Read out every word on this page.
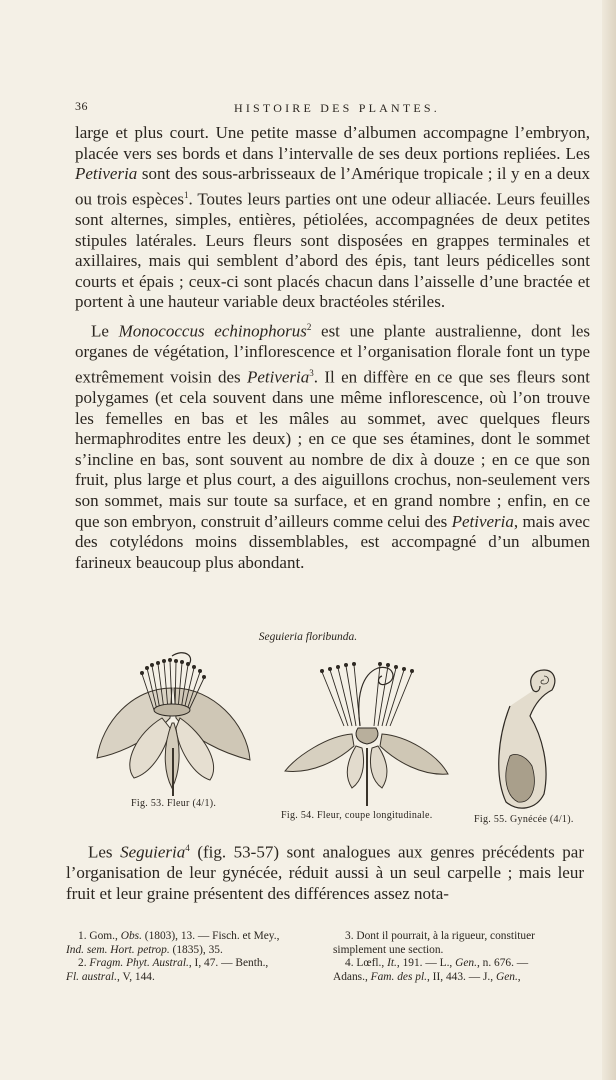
36	HISTOIRE DES PLANTES.

large et plus court. Une petite masse d’albumen accompagne l’embryon, placée vers ses bords et dans l’intervalle de ses deux portions repliées. Les Petiveria sont des sous-arbrisseaux de l’Amérique tropicale ; il y en a deux ou trois espèces$^1$. Toutes leurs parties ont une odeur alliacée. Leurs feuilles sont alternes, simples, entières, pétiolées, accompagnées de deux petites stipules latérales. Leurs fleurs sont disposées en grappes terminales et axillaires, mais qui semblent d’abord des épis, tant leurs pédicelles sont courts et épais ; ceux-ci sont placés chacun dans l’aisselle d’une bractée et portent à une hauteur variable deux bractéoles stériles.

Le Monococcus echinophorus$^2$ est une plante australienne, dont les organes de végétation, l’inflorescence et l’organisation florale font un type extrêmement voisin des Petiveria$^3$. Il en diffère en ce que ses fleurs sont polygames (et cela souvent dans une même inflorescence, où l’on trouve les femelles en bas et les mâles au sommet, avec quelques fleurs hermaphrodites entre les deux) ; en ce que ses étamines, dont le sommet s’incline en bas, sont souvent au nombre de dix à douze ; en ce que son fruit, plus large et plus court, a des aiguillons crochus, non-seulement vers son sommet, mais sur toute sa surface, et en grand nombre ; enfin, en ce que son embryon, construit d’ailleurs comme celui des Petiveria, mais avec des cotylédons moins dissemblables, est accompagné d’un albumen farineux beaucoup plus abondant.

Seguieria floribunda.
Fig. 53. Fleur (4/1).
Fig. 54. Fleur, coupe longitudinale.	Fig. 55. Gynécée (4/1).

Les Seguieria$^4$ (fig. 53-57) sont analogues aux genres précédents par l’organisation de leur gynécée, réduit aussi à un seul carpelle ; mais leur fruit et leur graine présentent des différences assez nota-

1. Gom., Obs. (1803), 13. — Fisch. et Mey.,

Ind. sem. Hort. petrop. (1835), 35.

2. Fragm. Phyt. Austral., I, 47. — Benth.,

Fl. austral., V, 144.

3. Dont il pourrait, à la rigueur, constituer

simplement une section.

4. Lœfl., It., 191. — L., Gen., n. 676. —

Adans., Fam. des pl., II, 443. — J., Gen.,
